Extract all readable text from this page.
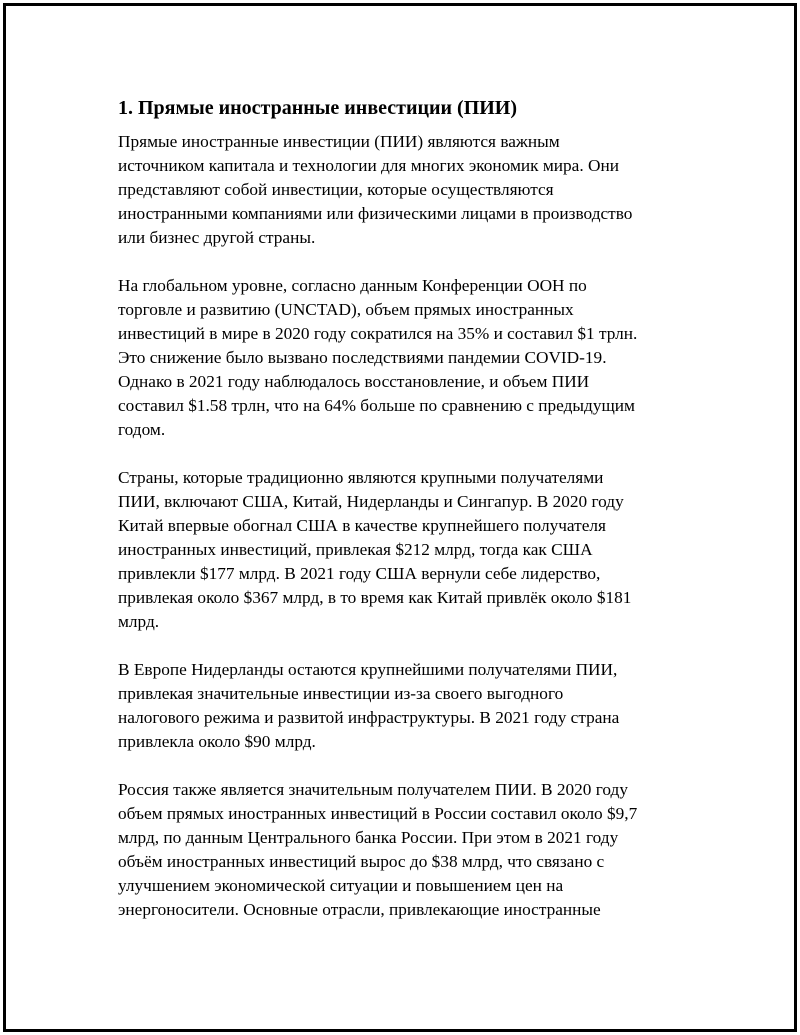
1. Прямые иностранные инвестиции (ПИИ)
Прямые иностранные инвестиции (ПИИ) являются важным
источником капитала и технологии для многих экономик мира. Они
представляют собой инвестиции, которые осуществляются
иностранными компаниями или физическими лицами в производство
или бизнес другой страны.
На глобальном уровне, согласно данным Конференции ООН по
торговле и развитию (UNCTAD), объем прямых иностранных
инвестиций в мире в 2020 году сократился на 35% и составил $1 трлн.
Это снижение было вызвано последствиями пандемии COVID-19.
Однако в 2021 году наблюдалось восстановление, и объем ПИИ
составил $1.58 трлн, что на 64% больше по сравнению с предыдущим
годом.
Страны, которые традиционно являются крупными получателями
ПИИ, включают США, Китай, Нидерланды и Сингапур. В 2020 году
Китай впервые обогнал США в качестве крупнейшего получателя
иностранных инвестиций, привлекая $212 млрд, тогда как США
привлекли $177 млрд. В 2021 году США вернули себе лидерство,
привлекая около $367 млрд, в то время как Китай привлёк около $181
млрд.
В Европе Нидерланды остаются крупнейшими получателями ПИИ,
привлекая значительные инвестиции из-за своего выгодного
налогового режима и развитой инфраструктуры. В 2021 году страна
привлекла около $90 млрд.
Россия также является значительным получателем ПИИ. В 2020 году
объем прямых иностранных инвестиций в России составил около $9,7
млрд, по данным Центрального банка России. При этом в 2021 году
объём иностранных инвестиций вырос до $38 млрд, что связано с
улучшением экономической ситуации и повышением цен на
энергоносители. Основные отрасли, привлекающие иностранные
